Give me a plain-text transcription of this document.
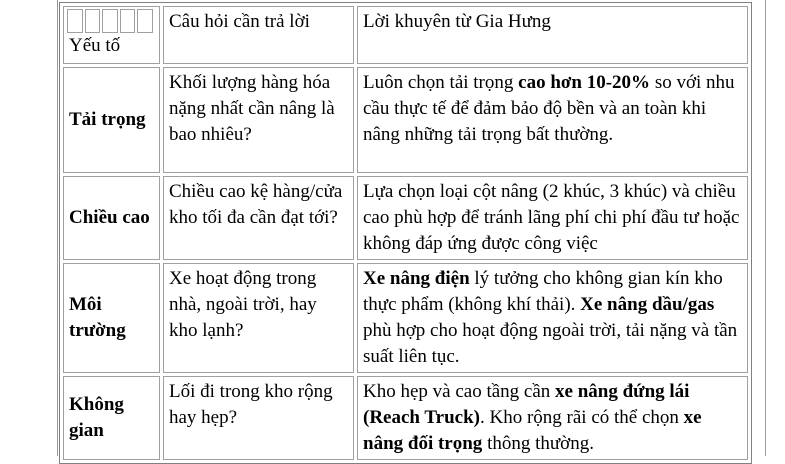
Yếu tố	Câu hỏi cần trả lời	Lời khuyên từ Gia Hưng

Tải trọng	Khối lượng hàng hóa nặng nhất cần nâng là bao nhiêu?	Luôn chọn tải trọng cao hơn 10-20% so với nhu cầu thực tế để đảm bảo độ bền và an toàn khi nâng những tải trọng bất thường.

Chiều cao	Chiều cao kệ hàng/cửa kho tối đa cần đạt tới?	Lựa chọn loại cột nâng (2 khúc, 3 khúc) và chiều cao phù hợp để tránh lãng phí chi phí đầu tư hoặc không đáp ứng được công việc

Môi trường	Xe hoạt động trong nhà, ngoài trời, hay kho lạnh?	Xe nâng điện lý tưởng cho không gian kín kho thực phẩm (không khí thải). Xe nâng dầu/gas phù hợp cho hoạt động ngoài trời, tải nặng và tần suất liên tục.

Không gian	Lối đi trong kho rộng hay hẹp?	Kho hẹp và cao tầng cần xe nâng đứng lái (Reach Truck). Kho rộng rãi có thể chọn xe nâng đối trọng thông thường.
